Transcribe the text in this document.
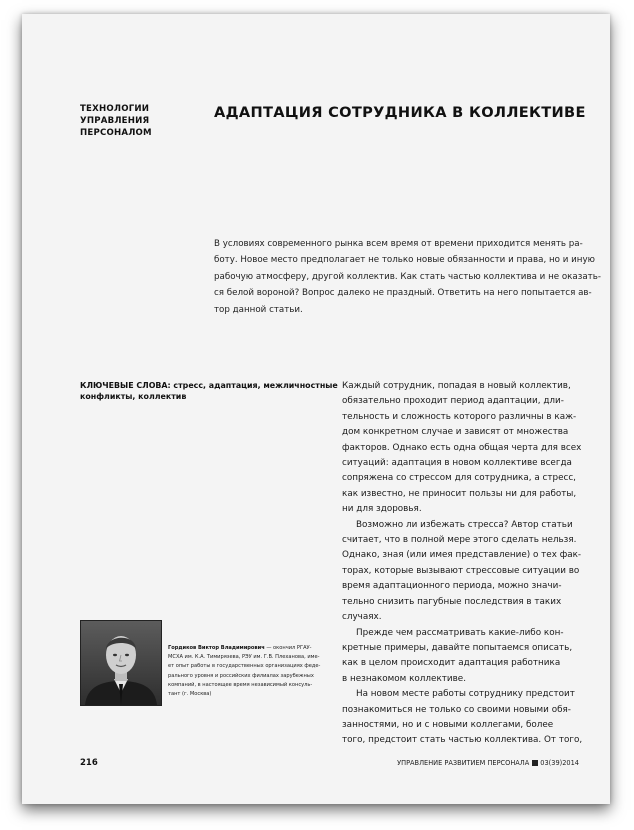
ТЕХНОЛОГИИ
УПРАВЛЕНИЯ
ПЕРСОНАЛОМ
АДАПТАЦИЯ СОТРУДНИКА В КОЛЛЕКТИВЕ
В условиях современного рынка всем время от времени приходится менять ра-
боту. Новое место предполагает не только новые обязанности и права, но и иную
рабочую атмосферу, другой коллектив. Как стать частью коллектива и не оказать-
ся белой вороной? Вопрос далеко не праздный. Ответить на него попытается ав-
тор данной статьи.
КЛЮЧЕВЫЕ СЛОВА: стресс, адаптация, межличностные
конфликты, коллектив
Каждый сотрудник, попадая в новый коллектив,
обязательно проходит период адаптации, дли-
тельность и сложность которого различны в каж-
дом конкретном случае и зависят от множества
факторов. Однако есть одна общая черта для всех
ситуаций: адаптация в новом коллективе всегда
сопряжена со стрессом для сотрудника, а стресс,
как известно, не приносит пользы ни для работы,
ни для здоровья.
Возможно ли избежать стресса? Автор статьи
считает, что в полной мере этого сделать нельзя.
Однако, зная (или имея представление) о тех фак-
торах, которые вызывают стрессовые ситуации во
время адаптационного периода, можно значи-
тельно снизить пагубные последствия в таких
случаях.
Прежде чем рассматривать какие-либо кон-
кретные примеры, давайте попытаемся описать,
как в целом происходит адаптация работника
в незнакомом коллективе.
На новом месте работы сотруднику предстоит
познакомиться не только со своими новыми обя-
занностями, но и с новыми коллегами, более
того, предстоит стать частью коллектива. От того,
Гордиков Виктор Владимирович — окончил РГАУ-
МСХА им. К.А. Тимирязева, РЭУ им. Г.В. Плеханова, име-
ет опыт работы в государственных организациях феде-
рального уровня и российских филиалах зарубежных
компаний, в настоящее время независимый консуль-
тант (г. Москва)
216	УПРАВЛЕНИЕ РАЗВИТИЕМ ПЕРСОНАЛА 03(39)2014
